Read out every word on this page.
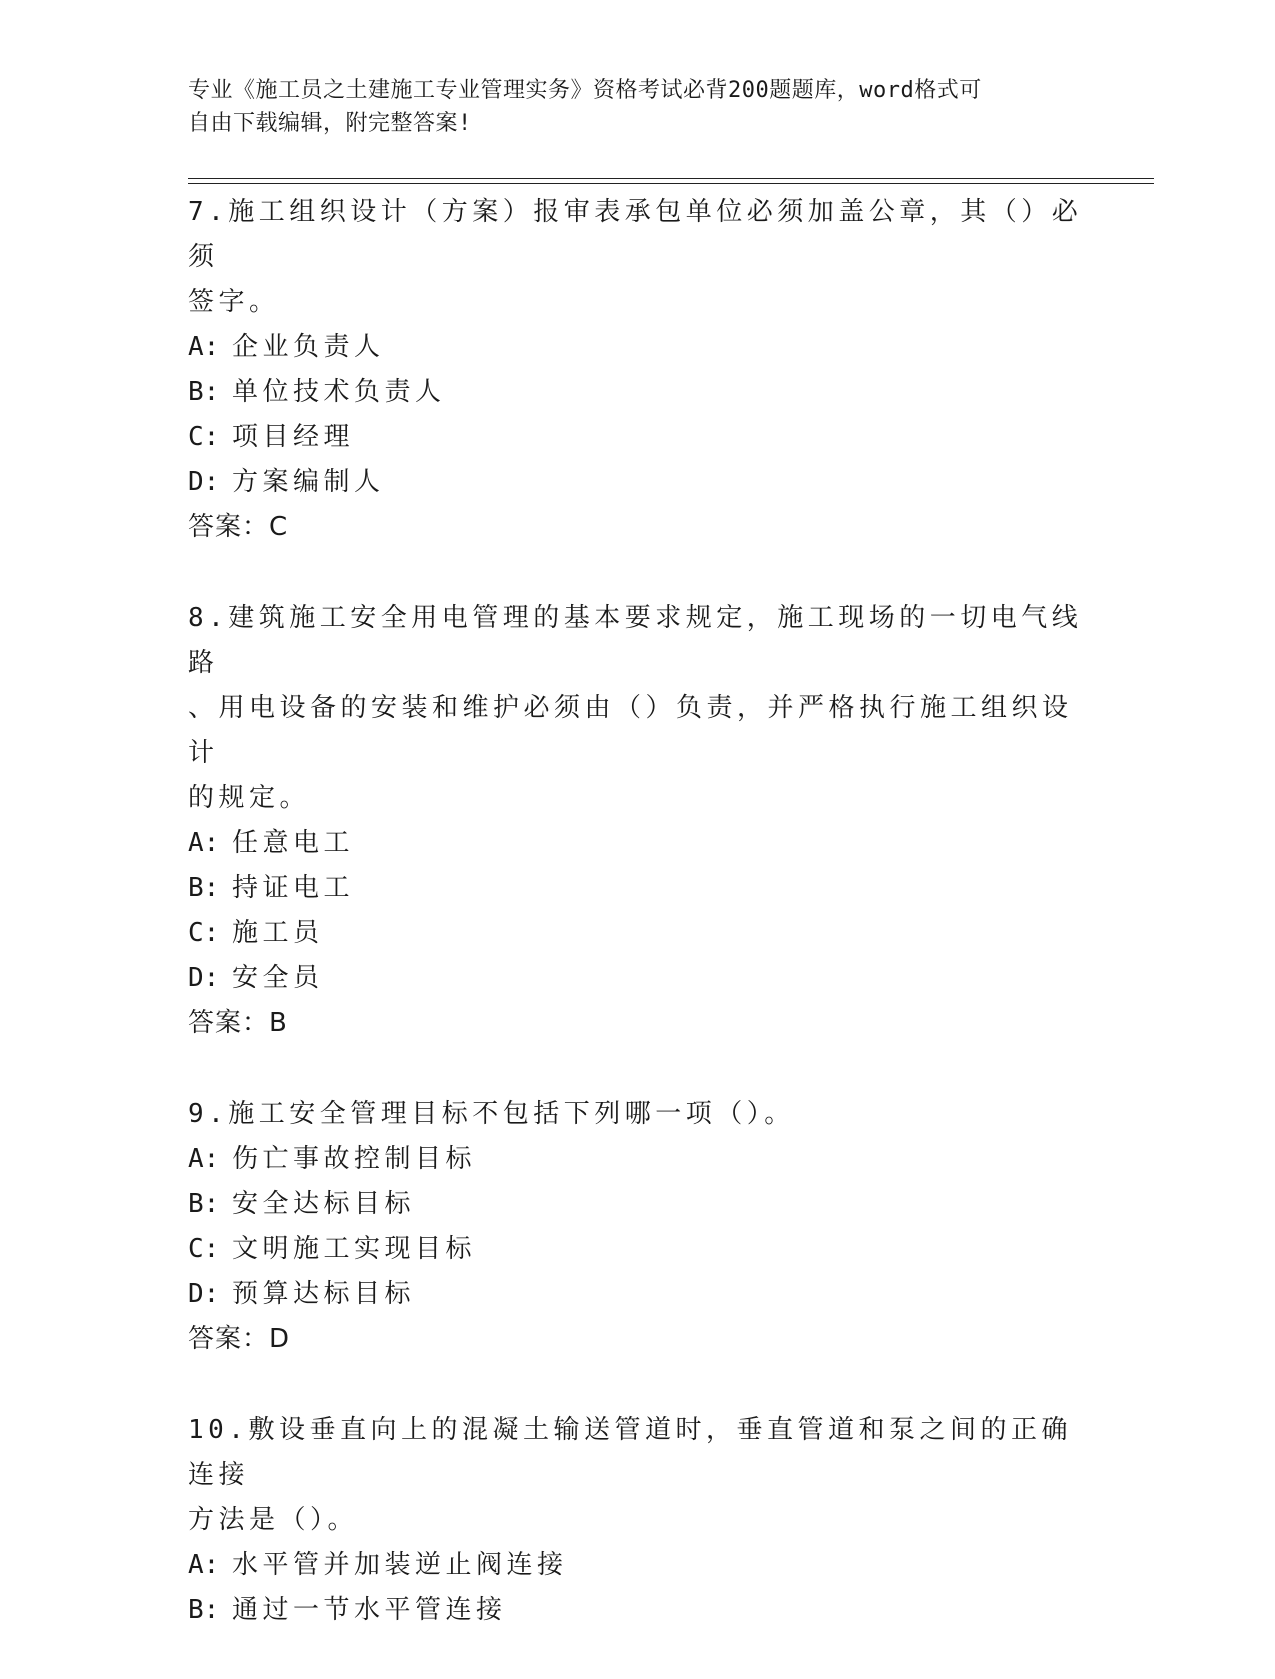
专业《施工员之土建施工专业管理实务》资格考试必背200题题库，word格式可
自由下载编辑，附完整答案!

7.施工组织设计（方案）报审表承包单位必须加盖公章，其（）必须

签字。

A: 企业负责人

B: 单位技术负责人

C: 项目经理

D: 方案编制人

答案：C

8.建筑施工安全用电管理的基本要求规定，施工现场的一切电气线路

、用电设备的安装和维护必须由（）负责，并严格执行施工组织设计

的规定。

A: 任意电工

B: 持证电工

C: 施工员

D: 安全员

答案：B

9.施工安全管理目标不包括下列哪一项（）。

A: 伤亡事故控制目标

B: 安全达标目标

C: 文明施工实现目标

D: 预算达标目标

答案：D

10.敷设垂直向上的混凝土输送管道时，垂直管道和泵之间的正确连接

方法是（）。

A: 水平管并加装逆止阀连接

B: 通过一节水平管连接
